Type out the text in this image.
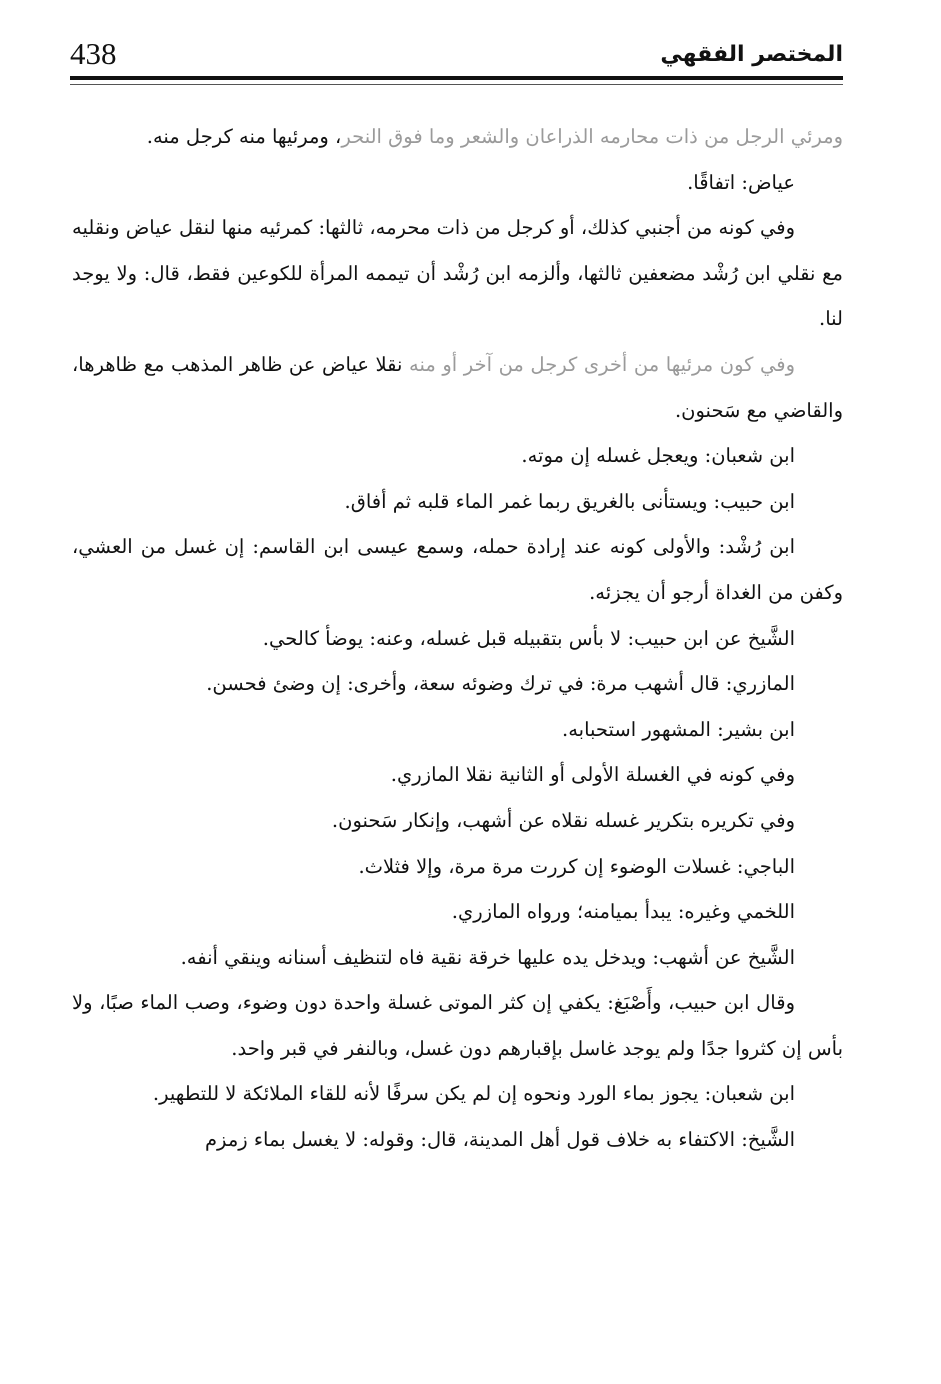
438	المختصر الفقهي

ومرئي الرجل من ذات محارمه الذراعان والشعر وما فوق النحر، ومرئيها منه كرجل منه.

عياض: اتفاقًا.

وفي كونه من أجنبي كذلك، أو كرجل من ذات محرمه، ثالثها: كمرئيه منها لنقل عياض ونقليه مع نقلي ابن رُشْد مضعفين ثالثها، وألزمه ابن رُشْد أن تيممه المرأة للكوعين فقط، قال: ولا يوجد لنا.

وفي كون مرئيها من أخرى كرجل من آخر أو منه نقلا عياض عن ظاهر المذهب مع ظاهرها، والقاضي مع سَحنون.

ابن شعبان: ويعجل غسله إن موته.

ابن حبيب: ويستأنى بالغريق ربما غمر الماء قلبه ثم أفاق.

ابن رُشْد: والأولى كونه عند إرادة حمله، وسمع عيسى ابن القاسم: إن غسل من العشي، وكفن من الغداة أرجو أن يجزئه.

الشَّيخ عن ابن حبيب: لا بأس بتقبيله قبل غسله، وعنه: يوضأ كالحي.

المازري: قال أشهب مرة: في ترك وضوئه سعة، وأخرى: إن وضئ فحسن.

ابن بشير: المشهور استحبابه.

وفي كونه في الغسلة الأولى أو الثانية نقلا المازري.

وفي تكريره بتكرير غسله نقلاه عن أشهب، وإنكار سَحنون.

الباجي: غسلات الوضوء إن كررت مرة مرة، وإلا فثلاث.

اللخمي وغيره: يبدأ بميامنه؛ ورواه المازري.

الشَّيخ عن أشهب: ويدخل يده عليها خرقة نقية فاه لتنظيف أسنانه وينقي أنفه.

وقال ابن حبيب، وأَصْبَغ: يكفي إن كثر الموتى غسلة واحدة دون وضوء، وصب الماء صبًا، ولا بأس إن كثروا جدًا ولم يوجد غاسل بإقبارهم دون غسل، وبالنفر في قبر واحد.

ابن شعبان: يجوز بماء الورد ونحوه إن لم يكن سرفًا لأنه للقاء الملائكة لا للتطهير.

الشَّيخ: الاكتفاء به خلاف قول أهل المدينة، قال: وقوله: لا يغسل بماء زمزم
